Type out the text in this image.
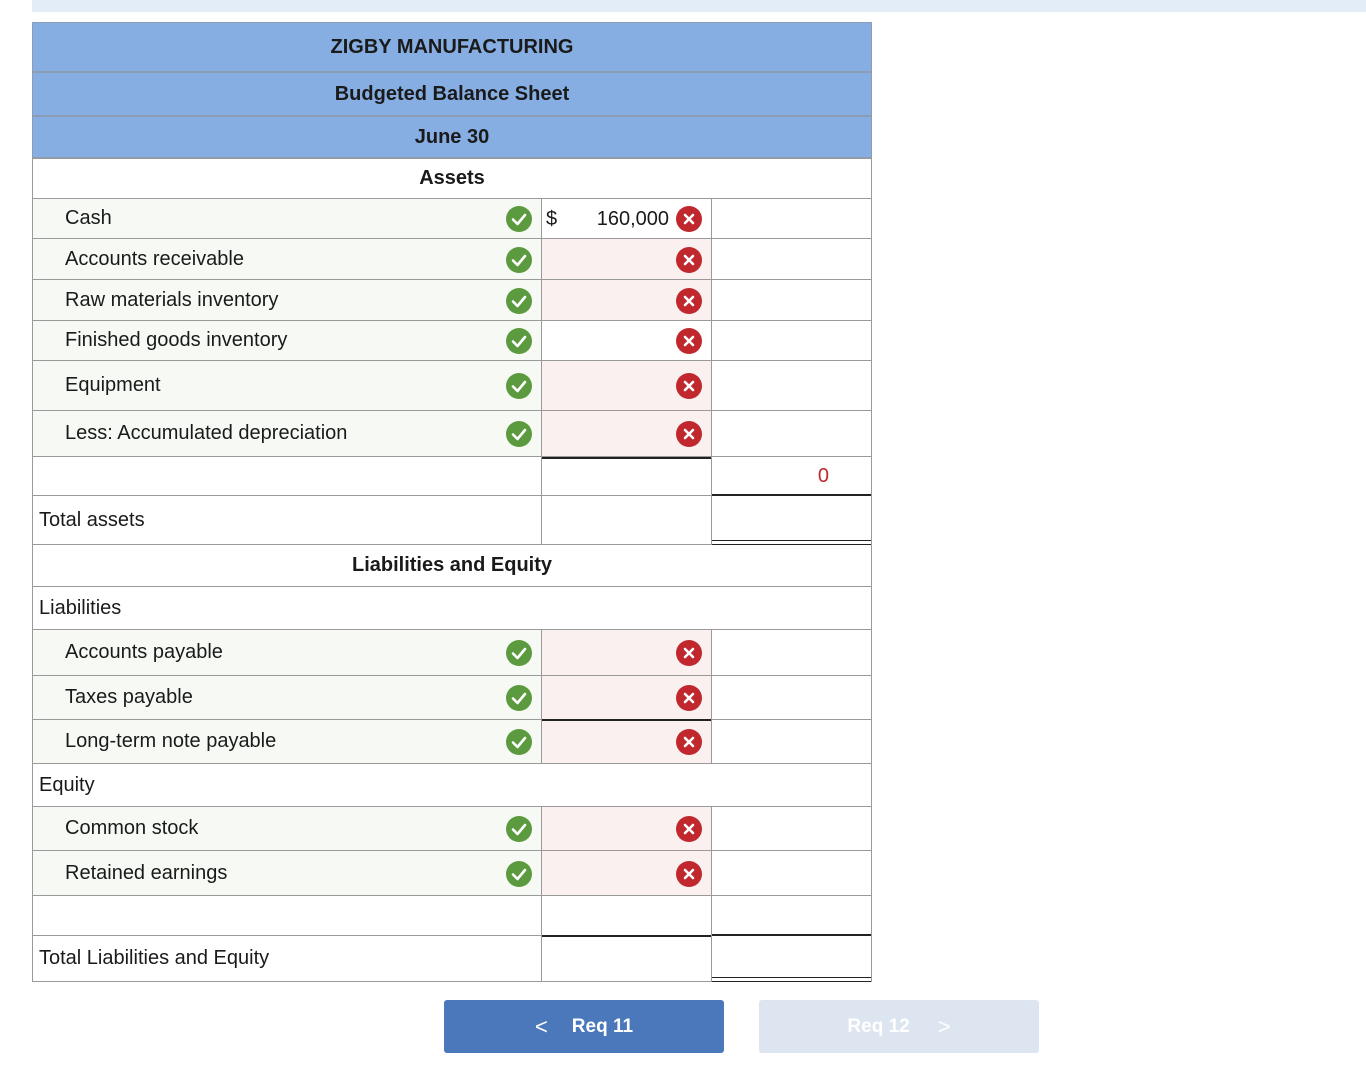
ZIGBY MANUFACTURING
Budgeted Balance Sheet
June 30
Assets
Cash	$ 160,000
Accounts receivable
Raw materials inventory
Finished goods inventory
Equipment
Less: Accumulated depreciation
0
Total assets
Liabilities and Equity
Liabilities
Accounts payable
Taxes payable
Long-term note payable
Equity
Common stock
Retained earnings
Total Liabilities and Equity
< Req 11	Req 12 >
